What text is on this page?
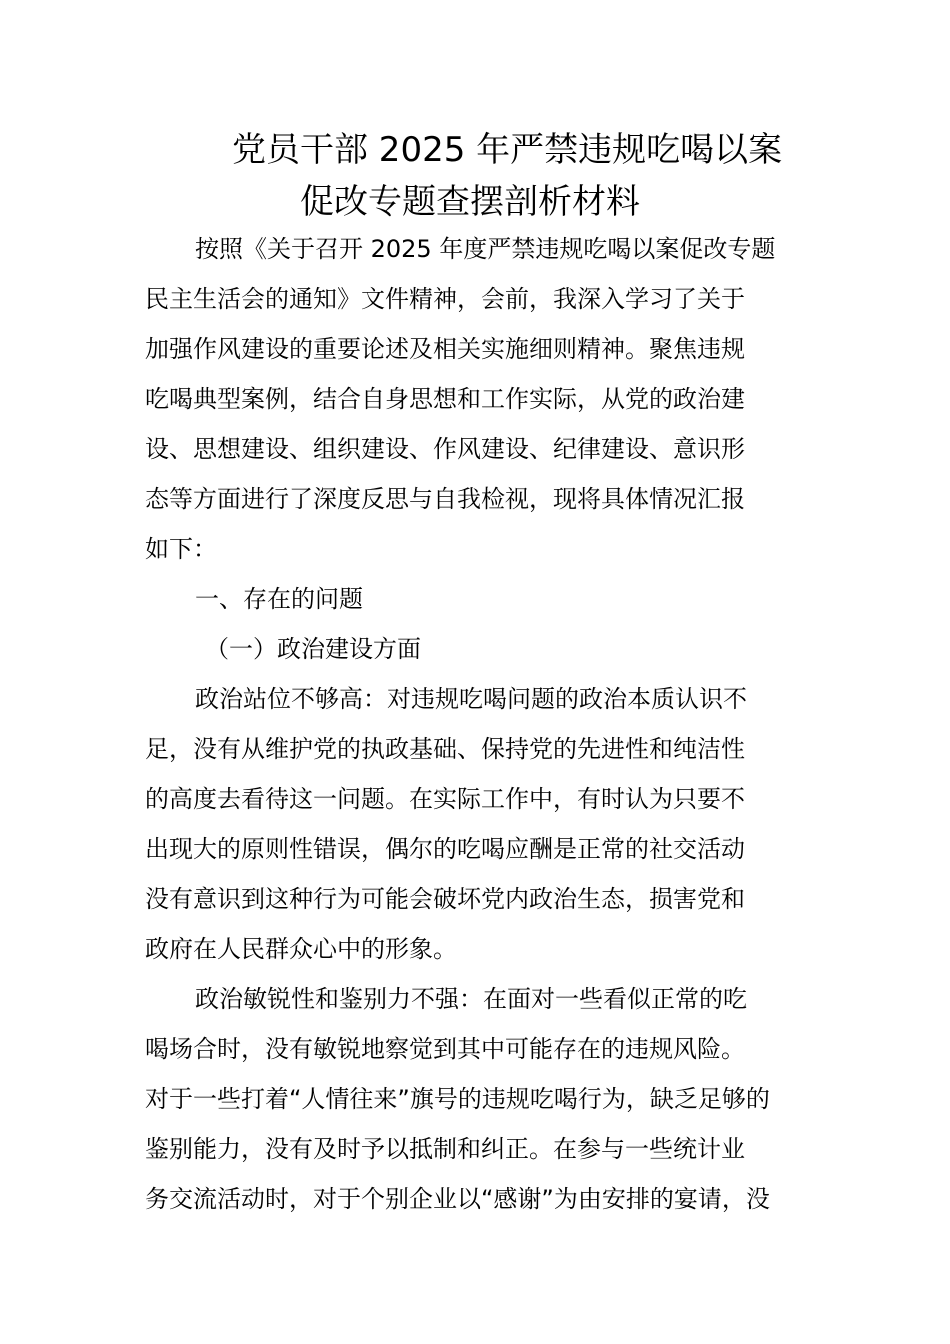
党员干部 2025 年严禁违规吃喝以案
促改专题查摆剖析材料
按照《关于召开 2025 年度严禁违规吃喝以案促改专题
民主生活会的通知》文件精神，会前，我深入学习了关于
加强作风建设的重要论述及相关实施细则精神。聚焦违规
吃喝典型案例，结合自身思想和工作实际，从党的政治建
设、思想建设、组织建设、作风建设、纪律建设、意识形
态等方面进行了深度反思与自我检视，现将具体情况汇报
如下：
一、存在的问题
（一）政治建设方面
政治站位不够高：对违规吃喝问题的政治本质认识不
足，没有从维护党的执政基础、保持党的先进性和纯洁性
的高度去看待这一问题。在实际工作中，有时认为只要不
出现大的原则性错误，偶尔的吃喝应酬是正常的社交活动
没有意识到这种行为可能会破坏党内政治生态，损害党和
政府在人民群众心中的形象。
政治敏锐性和鉴别力不强：在面对一些看似正常的吃
喝场合时，没有敏锐地察觉到其中可能存在的违规风险。
对于一些打着“人情往来”旗号的违规吃喝行为，缺乏足够的
鉴别能力，没有及时予以抵制和纠正。在参与一些统计业
务交流活动时，对于个别企业以“感谢”为由安排的宴请，没
